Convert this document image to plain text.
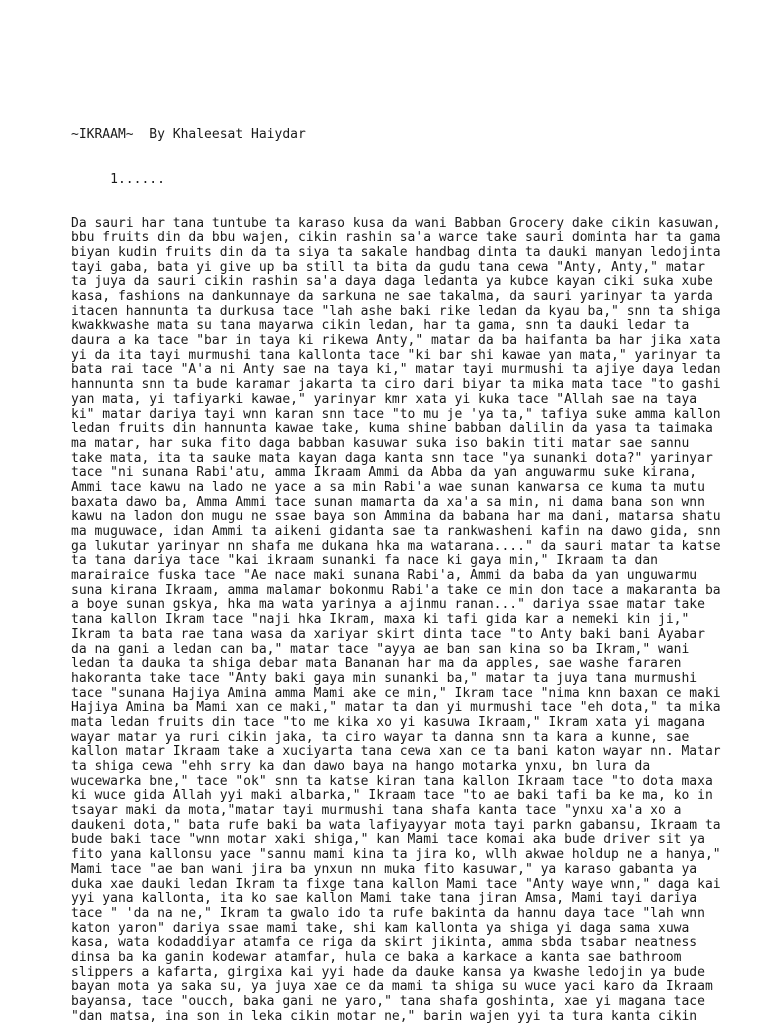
~IKRAAM~  By Khaleesat Haiydar

1......

Da sauri har tana tuntube ta karaso kusa da wani Babban Grocery dake cikin kasuwan,
bbu fruits din da bbu wajen, cikin rashin sa'a warce take sauri dominta har ta gama
biyan kudin fruits din da ta siya ta sakale handbag dinta ta dauki manyan ledojinta
tayi gaba, bata yi give up ba still ta bita da gudu tana cewa "Anty, Anty," matar
ta juya da sauri cikin rashin sa'a daya daga ledanta ya kubce kayan ciki suka xube
kasa, fashions na dankunnaye da sarkuna ne sae takalma, da sauri yarinyar ta yarda
itacen hannunta ta durkusa tace "lah ashe baki rike ledan da kyau ba," snn ta shiga
kwakkwashe mata su tana mayarwa cikin ledan, har ta gama, snn ta dauki ledar ta
daura a ka tace "bar in taya ki rikewa Anty," matar da ba haifanta ba har jika xata
yi da ita tayi murmushi tana kallonta tace "ki bar shi kawae yan mata," yarinyar ta
bata rai tace "A'a ni Anty sae na taya ki," matar tayi murmushi ta ajiye daya ledan
hannunta snn ta bude karamar jakarta ta ciro dari biyar ta mika mata tace "to gashi
yan mata, yi tafiyarki kawae," yarinyar kmr xata yi kuka tace "Allah sae na taya
ki" matar dariya tayi wnn karan snn tace "to mu je 'ya ta," tafiya suke amma kallon
ledan fruits din hannunta kawae take, kuma shine babban dalilin da yasa ta taimaka
ma matar, har suka fito daga babban kasuwar suka iso bakin titi matar sae sannu
take mata, ita ta sauke mata kayan daga kanta snn tace "ya sunanki dota?" yarinyar
tace "ni sunana Rabi'atu, amma Ikraam Ammi da Abba da yan anguwarmu suke kirana,
Ammi tace kawu na lado ne yace a sa min Rabi'a wae sunan kanwarsa ce kuma ta mutu
baxata dawo ba, Amma Ammi tace sunan mamarta da xa'a sa min, ni dama bana son wnn
kawu na ladon don mugu ne ssae baya son Ammina da babana har ma dani, matarsa shatu
ma muguwace, idan Ammi ta aikeni gidanta sae ta rankwasheni kafin na dawo gida, snn
ga lukutar yarinyar nn shafa me dukana hka ma watarana...." da sauri matar ta katse
ta tana dariya tace "kai ikraam sunanki fa nace ki gaya min," Ikraam ta dan
marairaice fuska tace "Ae nace maki sunana Rabi'a, Ammi da baba da yan unguwarmu
suna kirana Ikraam, amma malamar bokonmu Rabi'a take ce min don tace a makaranta ba
a boye sunan gskya, hka ma wata yarinya a ajinmu ranan..." dariya ssae matar take
tana kallon Ikram tace "naji hka Ikram, maxa ki tafi gida kar a nemeki kin ji,"
Ikram ta bata rae tana wasa da xariyar skirt dinta tace "to Anty baki bani Ayabar
da na gani a ledan can ba," matar tace "ayya ae ban san kina so ba Ikram," wani
ledan ta dauka ta shiga debar mata Bananan har ma da apples, sae washe fararen
hakoranta take tace "Anty baki gaya min sunanki ba," matar ta juya tana murmushi
tace "sunana Hajiya Amina amma Mami ake ce min," Ikram tace "nima knn baxan ce maki
Hajiya Amina ba Mami xan ce maki," matar ta dan yi murmushi tace "eh dota," ta mika
mata ledan fruits din tace "to me kika xo yi kasuwa Ikraam," Ikram xata yi magana
wayar matar ya ruri cikin jaka, ta ciro wayar ta danna snn ta kara a kunne, sae
kallon matar Ikraam take a xuciyarta tana cewa xan ce ta bani katon wayar nn. Matar
ta shiga cewa "ehh srry ka dan dawo baya na hango motarka ynxu, bn lura da
wucewarka bne," tace "ok" snn ta katse kiran tana kallon Ikraam tace "to dota maxa
ki wuce gida Allah yyi maki albarka," Ikraam tace "to ae baki tafi ba ke ma, ko in
tsayar maki da mota,"matar tayi murmushi tana shafa kanta tace "ynxu xa'a xo a
daukeni dota," bata rufe baki ba wata lafiyayyar mota tayi parkn gabansu, Ikraam ta
bude baki tace "wnn motar xaki shiga," kan Mami tace komai aka bude driver sit ya
fito yana kallonsu yace "sannu mami kina ta jira ko, wllh akwae holdup ne a hanya,"
Mami tace "ae ban wani jira ba ynxun nn muka fito kasuwar," ya karaso gabanta ya
duka xae dauki ledan Ikram ta fixge tana kallon Mami tace "Anty waye wnn," daga kai
yyi yana kallonta, ita ko sae kallon Mami take tana jiran Amsa, Mami tayi dariya
tace " 'da na ne," Ikram ta gwalo ido ta rufe bakinta da hannu daya tace "lah wnn
katon yaron" dariya ssae mami take, shi kam kallonta ya shiga yi daga sama xuwa
kasa, wata kodaddiyar atamfa ce riga da skirt jikinta, amma sbda tsabar neatness
dinsa ba ka ganin kodewar atamfar, hula ce baka a karkace a kanta sae bathroom
slippers a kafarta, girgixa kai yyi hade da dauke kansa ya kwashe ledojin ya bude
bayan mota ya saka su, ya juya xae ce da mami ta shiga su wuce yaci karo da Ikraam
bayansa, tace "oucch, baka gani ne yaro," tana shafa goshinta, xae yi magana tace
"dan matsa, ina son in leka cikin motar ne," barin wajen yyi ta tura kanta cikin
